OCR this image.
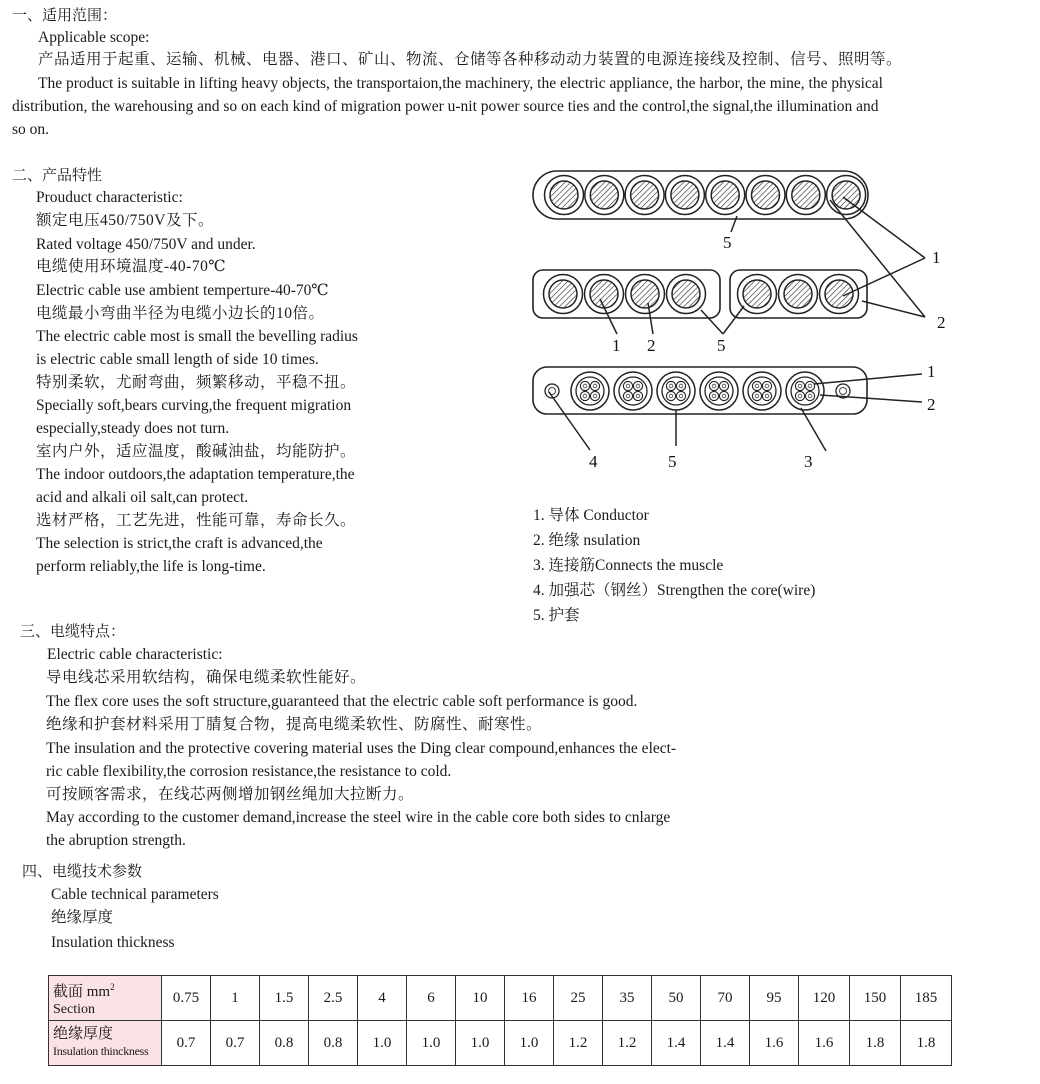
一、适用范围：
Applicable scope:
产品适用于起重、运输、机械、电器、港口、矿山、物流、仓储等各种移动动力装置的电源连接线及控制、信号、照明等。
The product is suitable in lifting heavy objects, the transportaion,the machinery, the electric appliance, the harbor, the mine, the physical
distribution, the warehousing and so on each kind of migration power u-nit power source ties and the control,the signal,the illumination and
so on.
二、产品特性
Prouduct characteristic:
额定电压450/750V及下。
Rated voltage 450/750V and under.
电缆使用环境温度-40-70℃
Electric cable use ambient temperture-40-70℃
电缆最小弯曲半径为电缆小边长的10倍。
The electric cable most is small the bevelling radius
is electric cable small length of side 10 times.
特别柔软，尤耐弯曲，频繁移动，平稳不扭。
Specially soft,bears curving,the frequent migration
especially,steady does not turn.
室内户外，适应温度，酸碱油盐，均能防护。
The indoor outdoors,the adaptation temperature,the
acid and alkali oil salt,can protect.
选材严格，工艺先进，性能可靠，寿命长久。
The selection is strict,the craft is advanced,the
perform reliably,the life is long-time.
5
1
2
1 2	5
1
2
4	5	3
1. 导体 Conductor
2. 绝缘 nsulation
3. 连接筋Connects the muscle
4. 加强芯（钢丝）Strengthen the core(wire)
5. 护套
三、电缆特点：
Electric cable characteristic:
导电线芯采用软结构，确保电缆柔软性能好。
The flex core uses the soft structure,guaranteed that the electric cable soft performance is good.
绝缘和护套材料采用丁腈复合物，提高电缆柔软性、防腐性、耐寒性。
The insulation and the protective covering material uses the Ding clear compound,enhances the elect-
ric cable flexibility,the corrosion resistance,the resistance to cold.
可按顾客需求，在线芯两侧增加钢丝绳加大拉断力。
May according to the customer demand,increase the steel wire in the cable core both sides to cnlarge
the abruption strength.
四、电缆技术参数
Cable technical parameters
绝缘厚度
Insulation thickness
截面 $mm^2$
Section	0.75	1	1.5	2.5	4	6	10	16	25	35	50	70	95	120	150	185

绝缘厚度
Insulation thinckness	0.7	0.7	0.8	0.8	1.0	1.0	1.0	1.0	1.2	1.2	1.4	1.4	1.6	1.6	1.8	1.8
